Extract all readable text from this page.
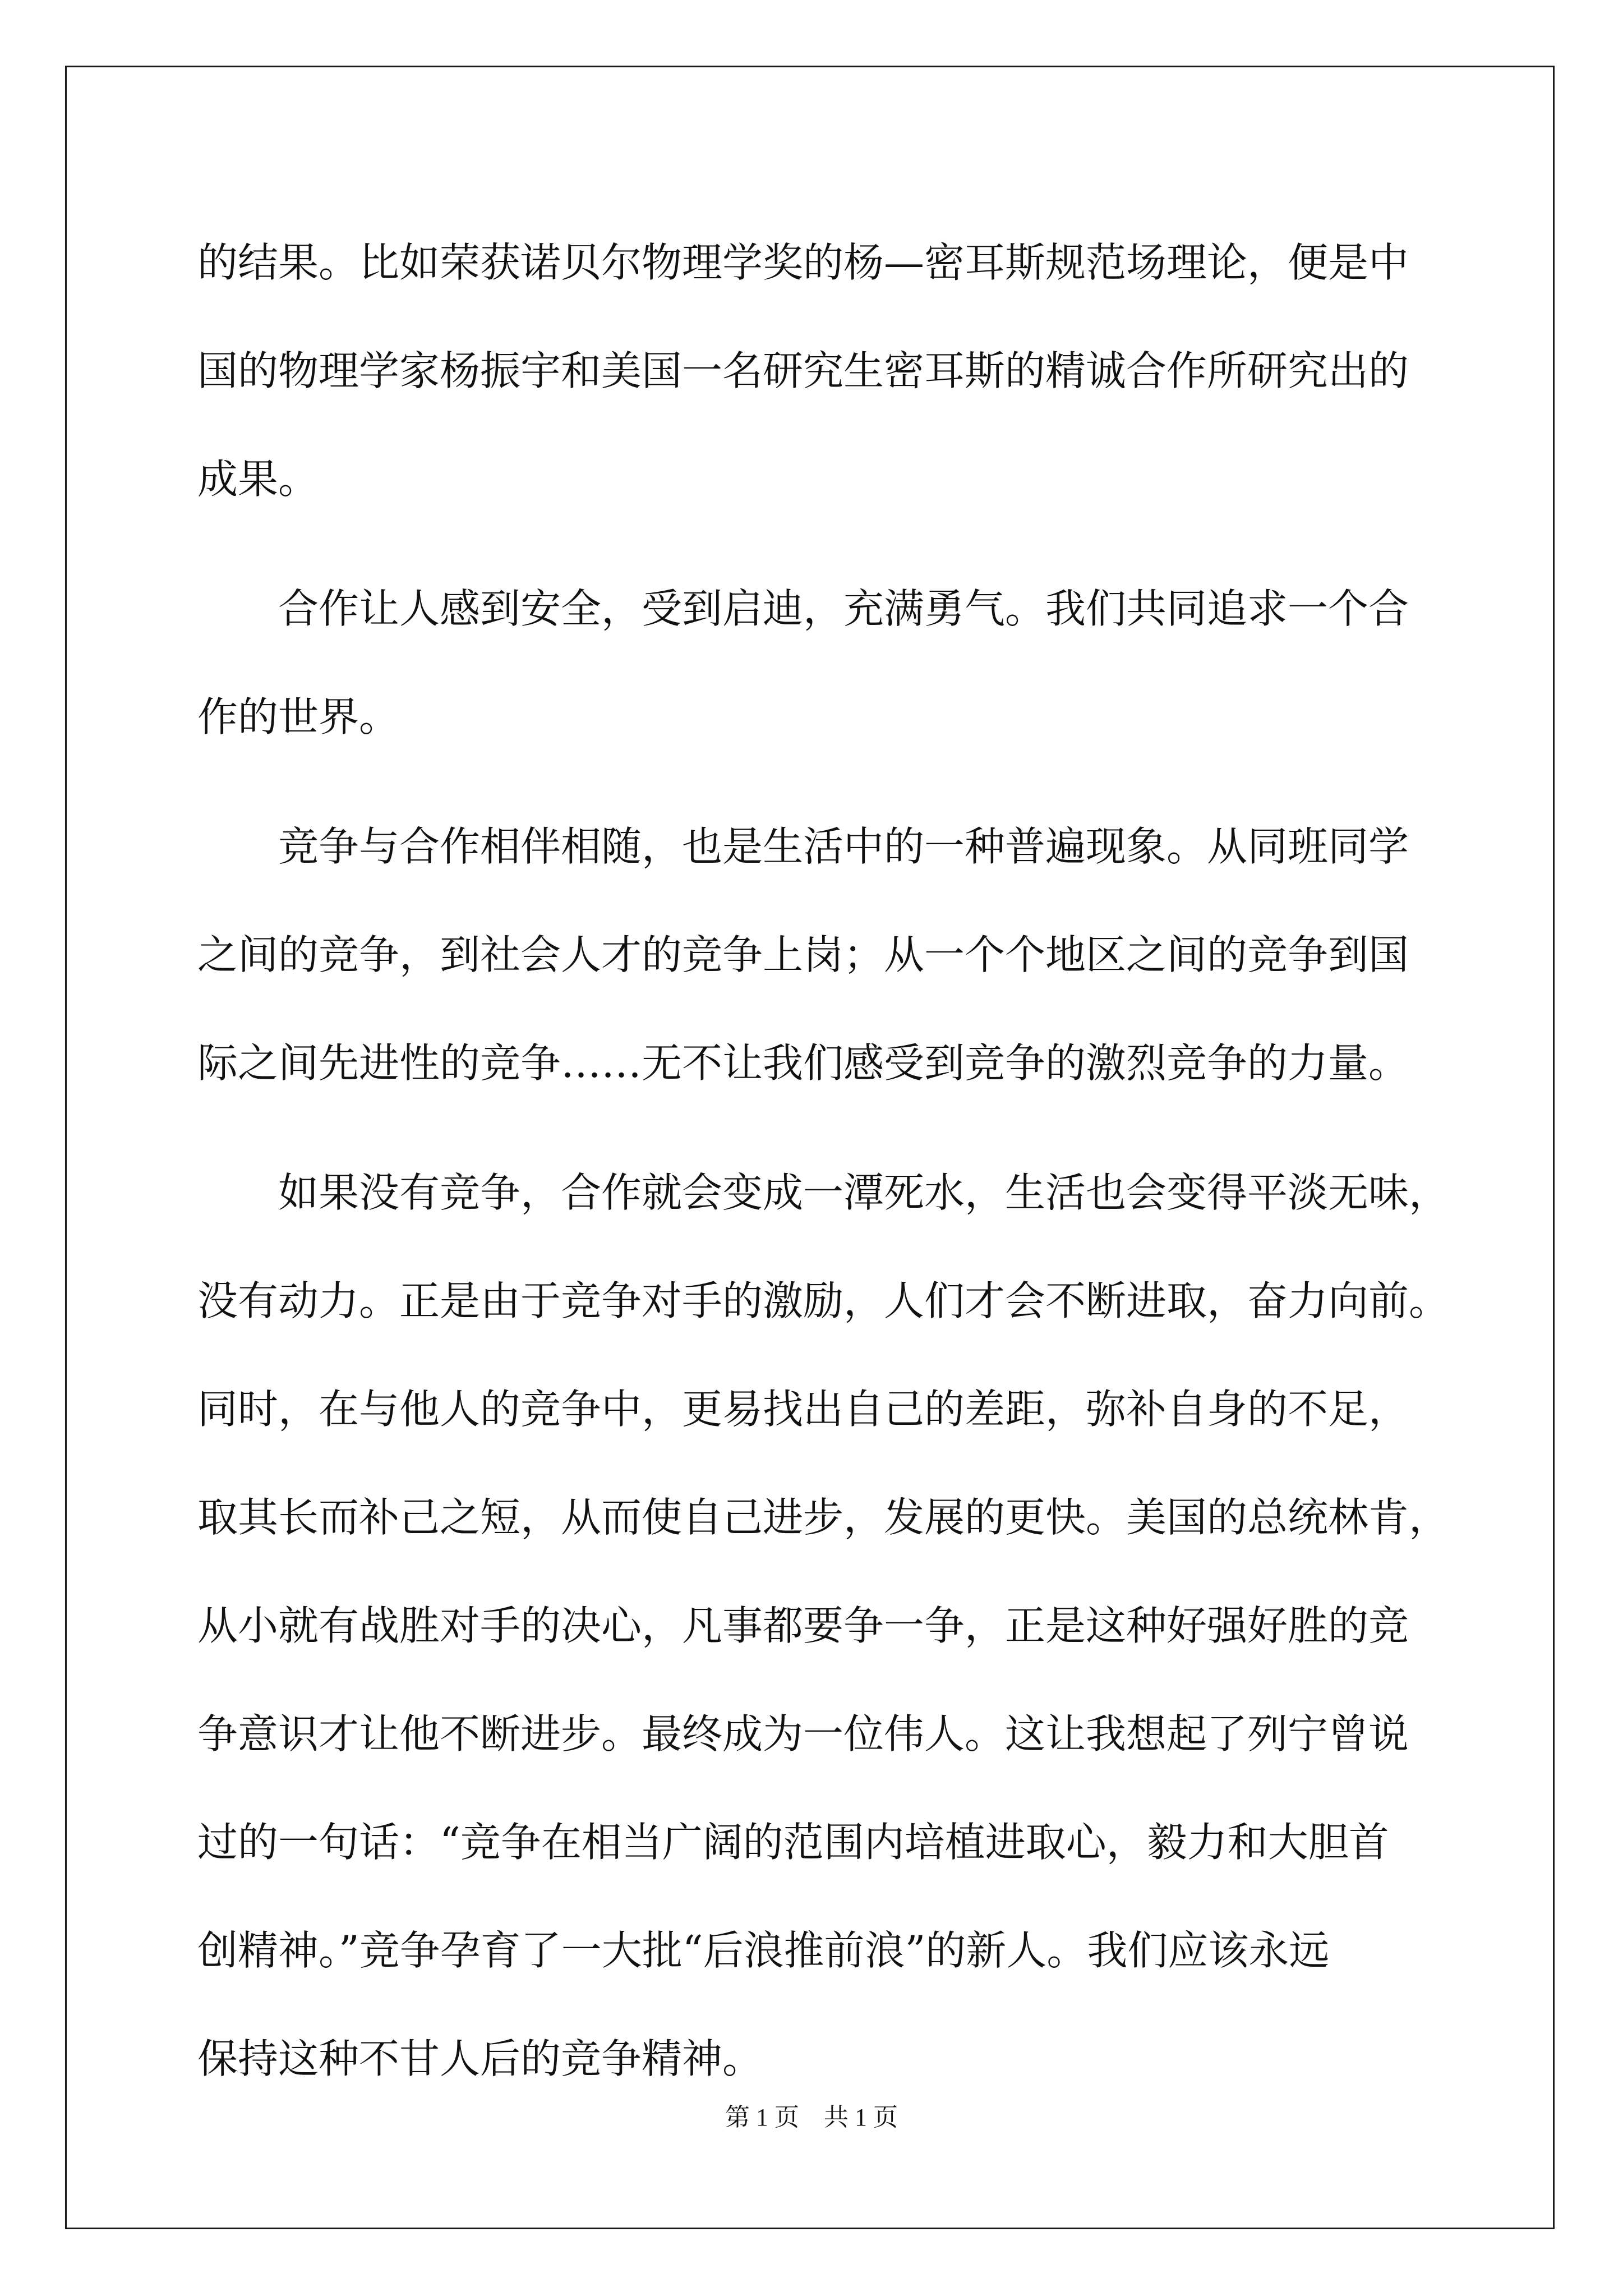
的结果。比如荣获诺贝尔物理学奖的杨—密耳斯规范场理论，便是中
国的物理学家杨振宇和美国一名研究生密耳斯的精诚合作所研究出的
成果。
　　合作让人感到安全，受到启迪，充满勇气。我们共同追求一个合
作的世界。
　　竞争与合作相伴相随，也是生活中的一种普遍现象。从同班同学
之间的竞争，到社会人才的竞争上岗；从一个个地区之间的竞争到国
际之间先进性的竞争……无不让我们感受到竞争的激烈竞争的力量。
　　如果没有竞争，合作就会变成一潭死水，生活也会变得平淡无味，
没有动力。正是由于竞争对手的激励，人们才会不断进取，奋力向前。
同时，在与他人的竞争中，更易找出自己的差距，弥补自身的不足，
取其长而补己之短，从而使自己进步，发展的更快。美国的总统林肯，
从小就有战胜对手的决心，凡事都要争一争，正是这种好强好胜的竞
争意识才让他不断进步。最终成为一位伟人。这让我想起了列宁曾说
过的一句话：“竞争在相当广阔的范围内培植进取心，毅力和大胆首
创精神。”竞争孕育了一大批“后浪推前浪”的新人。我们应该永远
保持这种不甘人后的竞争精神。
第 1 页 共 1 页
